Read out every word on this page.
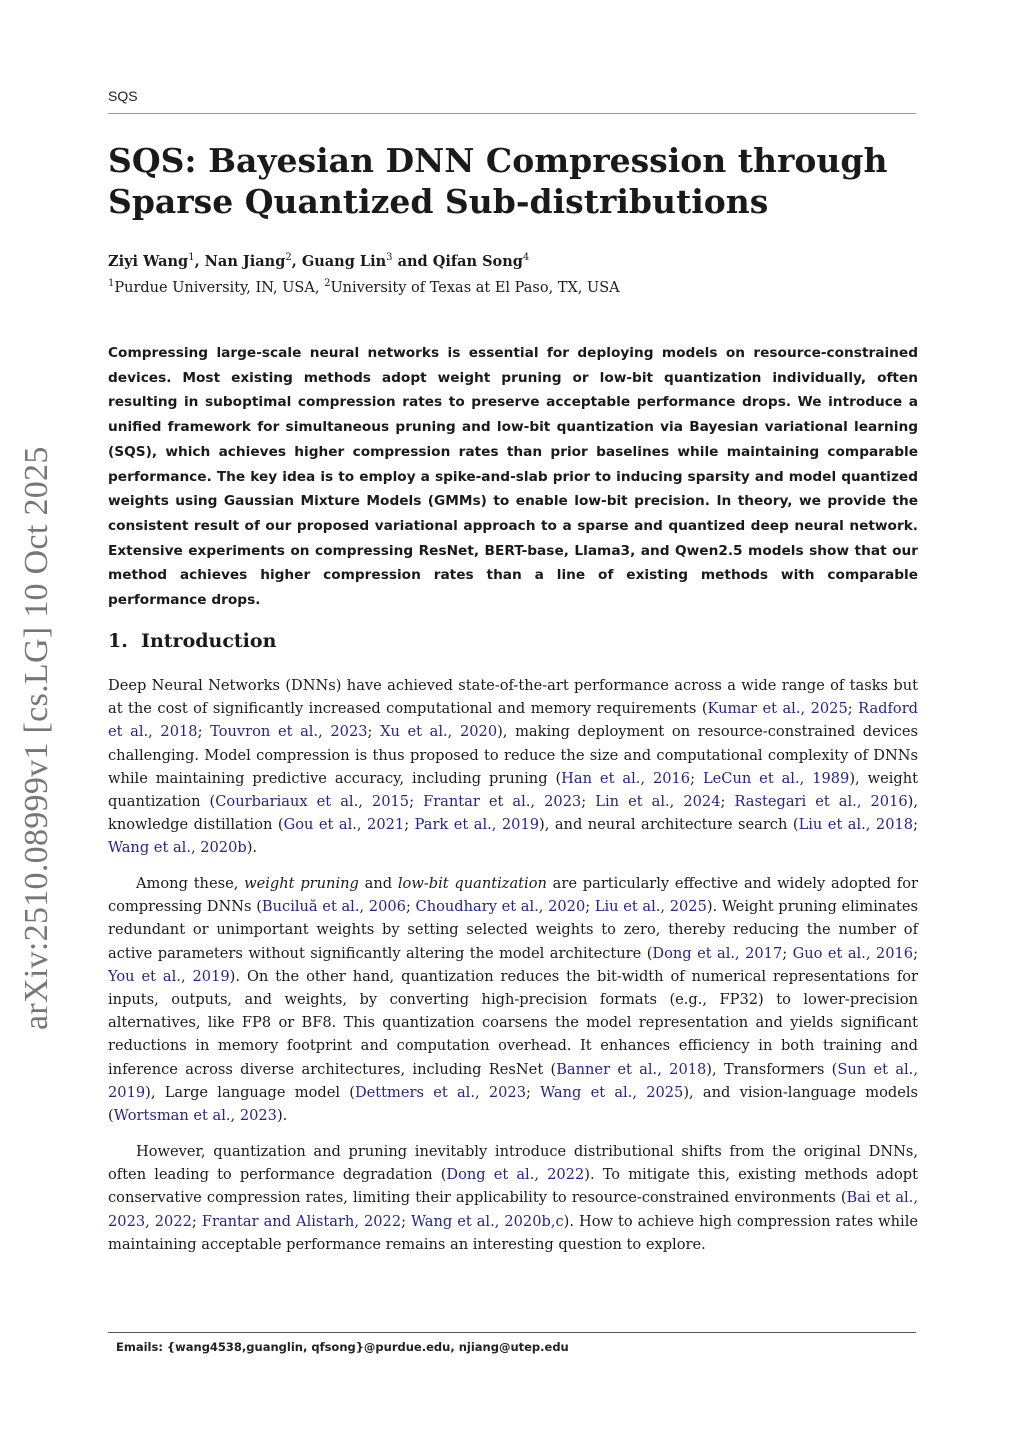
arXiv:2510.08999v1 [cs.LG] 10 Oct 2025
SQS
SQS: Bayesian DNN Compression through
Sparse Quantized Sub-distributions
Ziyi Wang$^1$, Nan Jiang$^2$, Guang Lin$^3$ and Qifan Song$^4$
$^1$Purdue University, IN, USA, $^2$University of Texas at El Paso, TX, USA

Compressing large-scale neural networks is essential for deploying models on resource-constrained devices. Most existing methods adopt weight pruning or low-bit quantization individually, often resulting in suboptimal compression rates to preserve acceptable performance drops. We introduce a unified framework for simultaneous pruning and low-bit quantization via Bayesian variational learning (SQS), which achieves higher compression rates than prior baselines while maintaining comparable performance. The key idea is to employ a spike-and-slab prior to inducing sparsity and model quantized weights using Gaussian Mixture Models (GMMs) to enable low-bit precision. In theory, we provide the consistent result of our proposed variational approach to a sparse and quantized deep neural network. Extensive experiments on compressing ResNet, BERT-base, Llama3, and Qwen2.5 models show that our method achieves higher compression rates than a line of existing methods with comparable performance drops.

1. Introduction

Deep Neural Networks (DNNs) have achieved state-of-the-art performance across a wide range of tasks but at the cost of significantly increased computational and memory requirements (Kumar et al., 2025; Radford et al., 2018; Touvron et al., 2023; Xu et al., 2020), making deployment on resource-constrained devices challenging. Model compression is thus proposed to reduce the size and computational complexity of DNNs while maintaining predictive accuracy, including pruning (Han et al., 2016; LeCun et al., 1989), weight quantization (Courbariaux et al., 2015; Frantar et al., 2023; Lin et al., 2024; Rastegari et al., 2016), knowledge distillation (Gou et al., 2021; Park et al., 2019), and neural architecture search (Liu et al., 2018; Wang et al., 2020b).

Among these, weight pruning and low-bit quantization are particularly effective and widely adopted for compressing DNNs (Buciluă et al., 2006; Choudhary et al., 2020; Liu et al., 2025). Weight pruning eliminates redundant or unimportant weights by setting selected weights to zero, thereby reducing the number of active parameters without significantly altering the model architecture (Dong et al., 2017; Guo et al., 2016; You et al., 2019). On the other hand, quantization reduces the bit-width of numerical representations for inputs, outputs, and weights, by converting high-precision formats (e.g., FP32) to lower-precision alternatives, like FP8 or BF8. This quantization coarsens the model representation and yields significant reductions in memory footprint and computation overhead. It enhances efficiency in both training and inference across diverse architectures, including ResNet (Banner et al., 2018), Transformers (Sun et al., 2019), Large language model (Dettmers et al., 2023; Wang et al., 2025), and vision-language models (Wortsman et al., 2023).

However, quantization and pruning inevitably introduce distributional shifts from the original DNNs, often leading to performance degradation (Dong et al., 2022). To mitigate this, existing methods adopt conservative compression rates, limiting their applicability to resource-constrained environments (Bai et al., 2023, 2022; Frantar and Alistarh, 2022; Wang et al., 2020b,c). How to achieve high compression rates while maintaining acceptable performance remains an interesting question to explore.

Emails: {wang4538,guanglin, qfsong}@purdue.edu, njiang@utep.edu
